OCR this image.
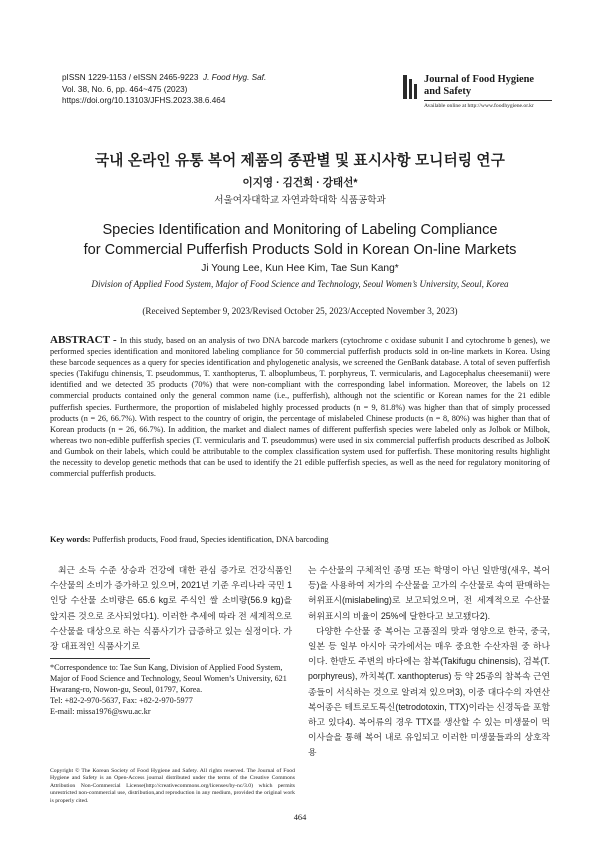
pISSN 1229-1153 / eISSN 2465-9223 J. Food Hyg. Saf.
Vol. 38, No. 6, pp. 464~475 (2023)
https://doi.org/10.13103/JFHS.2023.38.6.464
Journal of Food Hygiene
and Safety
Available online at http://www.foodhygiene.or.kr
국내 온라인 유통 복어 제품의 종판별 및 표시사항 모니터링 연구
이지영 · 김건희 · 강태선*
서울여자대학교 자연과학대학 식품공학과
Species Identification and Monitoring of Labeling Compliance
for Commercial Pufferfish Products Sold in Korean On-line Markets
Ji Young Lee, Kun Hee Kim, Tae Sun Kang*
Division of Applied Food System, Major of Food Science and Technology, Seoul Women’s University, Seoul, Korea
(Received September 9, 2023/Revised October 25, 2023/Accepted November 3, 2023)
ABSTRACT - In this study, based on an analysis of two DNA barcode markers (cytochrome c oxidase subunit I and cytochrome b genes), we performed species identification and monitored labeling compliance for 50 commercial pufferfish products sold in on-line markets in Korea. Using these barcode sequences as a query for species identification and phylogenetic analysis, we screened the GenBank database. A total of seven pufferfish species (Takifugu chinensis, T. pseudommus, T. xanthopterus, T. alboplumbeus, T. porphyreus, T. vermicularis, and Lagocephalus cheesemanii) were identified and we detected 35 products (70%) that were non-compliant with the corresponding label information. Moreover, the labels on 12 commercial products contained only the general common name (i.e., pufferfish), although not the scientific or Korean names for the 21 edible pufferfish species. Furthermore, the proportion of mislabeled highly processed products (n = 9, 81.8%) was higher than that of simply processed products (n = 26, 66.7%). With respect to the country of origin, the percentage of mislabeled Chinese products (n = 8, 80%) was higher than that of Korean products (n = 26, 66.7%). In addition, the market and dialect names of different pufferfish species were labeled only as Jolbok or Milbok, whereas two non-edible pufferfish species (T. vermicularis and T. pseudommus) were used in six commercial pufferfish products described as JolboK and Gumbok on their labels, which could be attributable to the complex classification system used for pufferfish. These monitoring results highlight the necessity to develop genetic methods that can be used to identify the 21 edible pufferfish species, as well as the need for regulatory monitoring of commercial pufferfish products.
Key words: Pufferfish products, Food fraud, Species identification, DNA barcoding

최근 소득 수준 상승과 건강에 대한 관심 증가로 건강식품인 수산물의 소비가 증가하고 있으며, 2021년 기준 우리나라 국민 1인당 수산물 소비량은 65.6 kg로 주식인 쌀 소비량(56.9 kg)을 앞지른 것으로 조사되었다1). 이러한 추세에 따라 전 세계적으로 수산물을 대상으로 하는 식품사기가 급증하고 있는 실정이다. 가장 대표적인 식품사기로

*Correspondence to: Tae Sun Kang, Division of Applied Food System, Major of Food Science and Technology, Seoul Women’s University, 621 Hwarang-ro, Nowon-gu, Seoul, 01797, Korea.

Tel: +82-2-970-5637, Fax: +82-2-970-5977

E-mail: missa1976@swu.ac.kr

Copyright © The Korean Society of Food Hygiene and Safety. All rights reserved. The Journal of Food Hygiene and Safety is an Open-Access journal distributed under the terms of the Creative Commons Attribution Non-Commercial License(http://creativecommons.org/licenses/by-nc/3.0) which permits unrestricted non-commercial use, distribution,and reproduction in any medium, provided the original work is properly cited.

는 수산물의 구체적인 종명 또는 학명이 아닌 일반명(새우, 복어 등)을 사용하여 저가의 수산물을 고가의 수산물로 속여 판매하는 허위표시(mislabeling)로 보고되었으며, 전 세계적으로 수산물 허위표시의 비율이 25%에 달한다고 보고됐다2).

다양한 수산물 중 복어는 고품질의 맛과 영양으로 한국, 중국, 일본 등 일부 아시아 국가에서는 매우 중요한 수산자원 중 하나이다. 한반도 주변의 바다에는 참복(Takifugu chinensis), 검복(T. porphyreus), 까치복(T. xanthopterus) 등 약 25종의 참복속 근연종들이 서식하는 것으로 알려져 있으며3), 이중 대다수의 자연산 복어종은 테트로도톡신(tetrodotoxin, TTX)이라는 신경독을 포함하고 있다4). 복어류의 경우 TTX를 생산할 수 있는 미생물이 먹이사슬을 통해 복어 내로 유입되고 이러한 미생물들과의 상호작용

464
